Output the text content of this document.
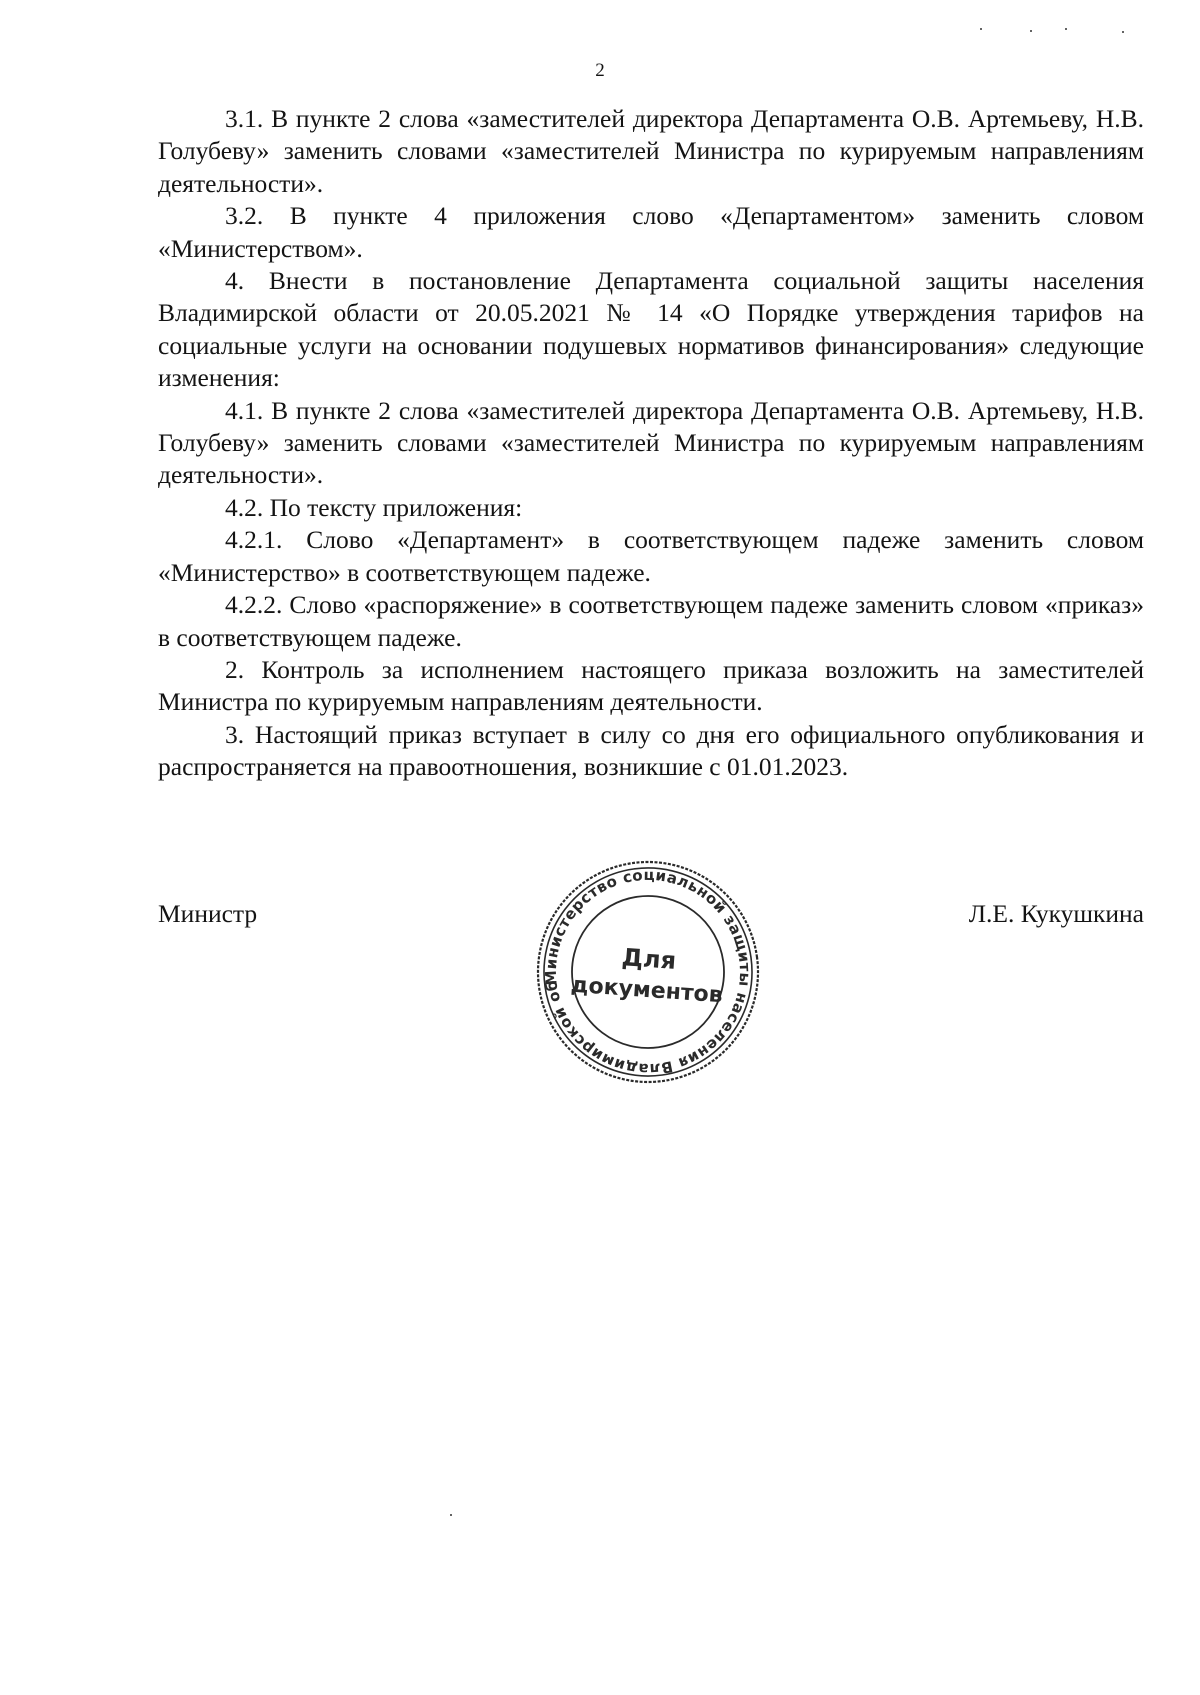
2

3.1. В пункте 2 слова «заместителей директора Департамента О.В. Артемьеву, Н.В. Голубеву» заменить словами «заместителей Министра по курируемым направлениям деятельности».

3.2. В пункте 4 приложения слово «Департаментом» заменить словом «Министерством».

4. Внести в постановление Департамента социальной защиты населения Владимирской области от 20.05.2021 № 14 «О Порядке утверждения тарифов на социальные услуги на основании подушевых нормативов финансирования» следующие изменения:

4.1. В пункте 2 слова «заместителей директора Департамента О.В. Артемьеву, Н.В. Голубеву» заменить словами «заместителей Министра по курируемым направлениям деятельности».

4.2. По тексту приложения:

4.2.1. Слово «Департамент» в соответствующем падеже заменить словом «Министерство» в соответствующем падеже.

4.2.2. Слово «распоряжение» в соответствующем падеже заменить словом «приказ» в соответствующем падеже.

2. Контроль за исполнением настоящего приказа возложить на заместителей Министра по курируемым направлениям деятельности.

3. Настоящий приказ вступает в силу со дня его официального опубликования и распространяется на правоотношения, возникшие с 01.01.2023.

Министр	Л.Е. Кукушкина
Министерство социальной защиты населения Владимирской области
Для
документов
